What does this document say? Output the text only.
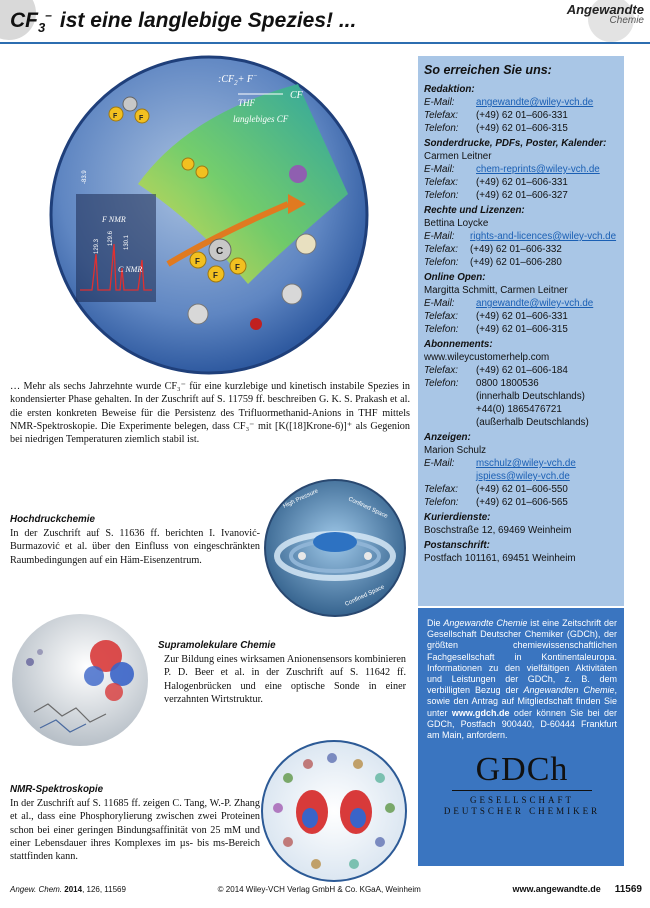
$CF_3^-$ ist eine langlebige Spezies! ...	Angewandte
Chemie
$:CF_2+ F^-$
THF
CF
langlebiges CF
F NMR
C NMR
-83.9
129.3
129.6 130.1
C
F
F
F
F	F
… Mehr als sechs Jahrzehnte wurde CF₃⁻ für eine kurzlebige und kinetisch instabile Spezies in kondensierter Phase gehalten. In der Zuschrift auf S. 11759 ff. beschreiben G. K. S. Prakash et al. die ersten konkreten Beweise für die Persistenz des Trifluormethanid-Anions in THF mittels NMR-Spektroskopie. Die Experimente belegen, dass CF₃⁻ mit [K([18]Krone-6)]⁺ als Gegenion bei niedrigen Temperaturen ziemlich stabil ist.
Hochdruckchemie
In der Zuschrift auf S. 11636 ff. berichten I. Ivanović-Burmazović et al. über den Einfluss von eingeschränkten Raumbedingungen auf ein Häm-Eisenzentrum.
High Pressure	Confined Space
Confined Space
Supramolekulare Chemie
Zur Bildung eines wirksamen Anionensensors kombinieren P. D. Beer et al. in der Zuschrift auf S. 11642 ff. Halogenbrücken und eine optische Sonde in einer verzahnten Wirtstruktur.
NMR-Spektroskopie
In der Zuschrift auf S. 11685 ff. zeigen C. Tang, W.-P. Zhang et al., dass eine Phosphorylierung zwischen zwei Proteinen schon bei einer geringen Bindungsaffinität von 25 mM und einer Lebensdauer ihres Komplexes im µs- bis ms-Bereich stattfinden kann.
So erreichen Sie uns:
Redaktion:
E-Mail:	angewandte@wiley-vch.de
Telefax:	(+49) 62 01–606-331
Telefon:	(+49) 62 01–606-315
Sonderdrucke, PDFs, Poster, Kalender:
Carmen Leitner
E-Mail:	chem-reprints@wiley-vch.de
Telefax:	(+49) 62 01–606-331
Telefon:	(+49) 62 01–606-327
Rechte und Lizenzen:
Bettina Loycke
E-Mail:	rights-and-licences@wiley-vch.de
Telefax:	(+49) 62 01–606-332
Telefon:	(+49) 62 01–606-280
Online Open:
Margitta Schmitt, Carmen Leitner
E-Mail:	angewandte@wiley-vch.de
Telefax:	(+49) 62 01–606-331
Telefon:	(+49) 62 01–606-315
Abonnements:
www.wileycustomerhelp.com
Telefax:	(+49) 62 01–606-184
Telefon:	0800 1800536
(innerhalb Deutschlands)
+44(0) 1865476721
(außerhalb Deutschlands)
Anzeigen:
Marion Schulz
E-Mail:	mschulz@wiley-vch.de
jspiess@wiley-vch.de
Telefax:	(+49) 62 01–606-550
Telefon:	(+49) 62 01–606-565
Kurierdienste:
Boschstraße 12, 69469 Weinheim
Postanschrift:
Postfach 101161, 69451 Weinheim
Die Angewandte Chemie ist eine Zeitschrift der Gesellschaft Deutscher Chemiker (GDCh), der größten chemiewissenschaftlichen Fachgesellschaft in Kontinentaleuropa. Informationen zu den vielfältigen Aktivitäten und Leistungen der GDCh, z. B. dem verbilligten Bezug der Angewandten Chemie, sowie den Antrag auf Mitgliedschaft finden Sie unter www.gdch.de oder können Sie bei der GDCh, Postfach 900440, D-60444 Frankfurt am Main, anfordern.
GDCh
GESELLSCHAFT
DEUTSCHER CHEMIKER
Angew. Chem. 2014, 126, 11569	© 2014 Wiley-VCH Verlag GmbH & Co. KGaA, Weinheim	www.angewandte.de 11569
